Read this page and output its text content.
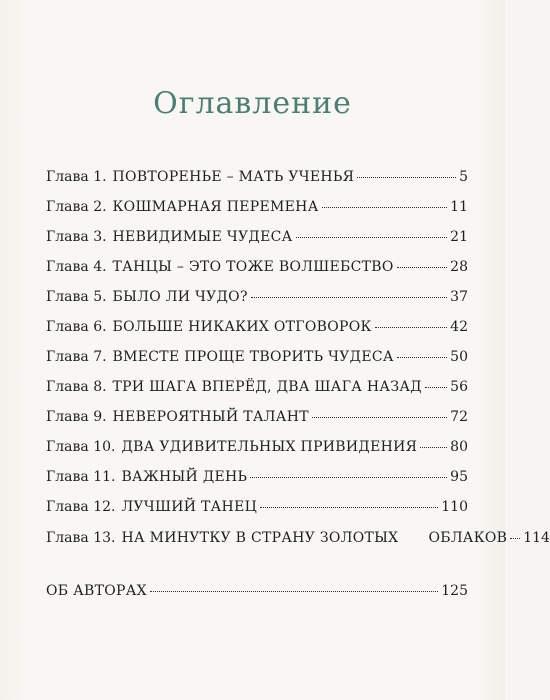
Оглавление
Глава 1. ПОВТОРЕНЬЕ – МАТЬ УЧЕНЬЯ	5
Глава 2. КОШМАРНАЯ ПЕРЕМЕНА	11
Глава 3. НЕВИДИМЫЕ ЧУДЕСА	21
Глава 4. ТАНЦЫ – ЭТО ТОЖЕ ВОЛШЕБСТВО	28
Глава 5. БЫЛО ЛИ ЧУДО?	37
Глава 6. БОЛЬШЕ НИКАКИХ ОТГОВОРОК	42
Глава 7. ВМЕСТЕ ПРОЩЕ ТВОРИТЬ ЧУДЕСА	50
Глава 8. ТРИ ШАГА ВПЕРЁД, ДВА ШАГА НАЗАД 56
Глава 9. НЕВЕРОЯТНЫЙ ТАЛАНТ	72
Глава 10. ДВА УДИВИТЕЛЬНЫХ ПРИВИДЕНИЯ 80
Глава 11. ВАЖНЫЙ ДЕНЬ	95
Глава 12. ЛУЧШИЙ ТАНЕЦ	110
Глава 13. НА МИНУТКУ В СТРАНУ ЗОЛОТЫХ ОБЛАКОВ 114
ОБ АВТОРАХ	125
